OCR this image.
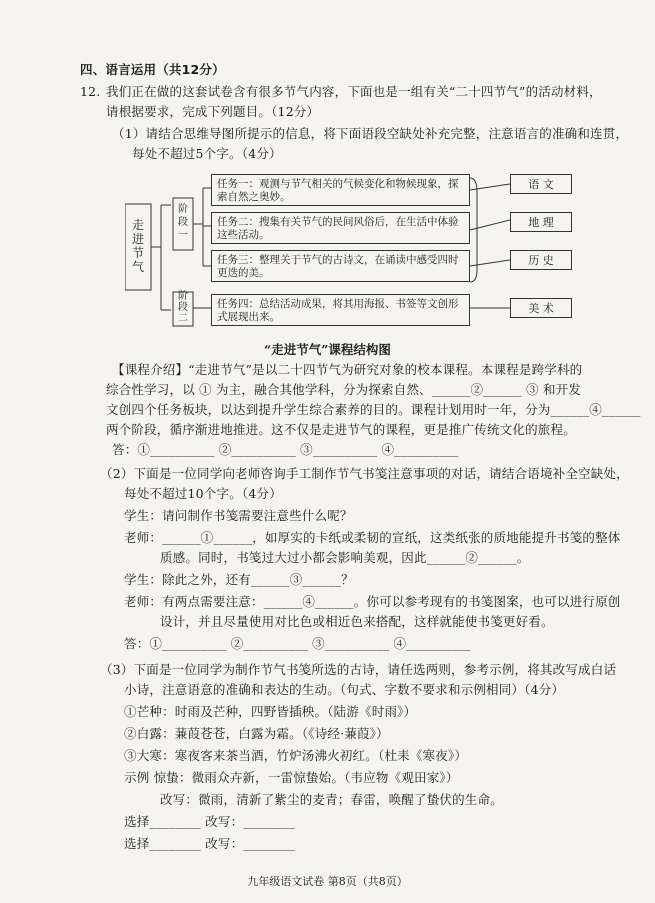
四、语言运用（共12分）
12. 我们正在做的这套试卷含有很多节气内容，下面也是一组有关“二十四节气”的活动材料，
请根据要求，完成下列题目。（12分）
（1）请结合思维导图所提示的信息，将下面语段空缺处补充完整，注意语言的准确和连贯，
每处不超过5个字。（4分）
走进节气
阶段一
阶段二
任务一：观测与节气相关的气候变化和物候现象，探索自然之奥妙。
任务二：搜集有关节气的民间风俗后，在生活中体验这些活动。
任务三：整理关于节气的古诗文，在诵读中感受四时更迭的美。
任务四：总结活动成果，将其用海报、书签等文创形式展现出来。
语 文
地 理
历 史
美 术
“走进节气”课程结构图
【课程介绍】“走进节气”是以二十四节气为研究对象的校本课程。本课程是跨学科的
综合性学习，以 ① 为主，融合其他学科，分为探索自然、______②______ ③ 和开发
文创四个任务板块，以达到提升学生综合素养的目的。课程计划用时一年，分为______④______
两个阶段，循序渐进地推进。这不仅是走进节气的课程，更是推广传统文化的旅程。
答：①__________ ②__________ ③__________ ④__________
（2）下面是一位同学向老师咨询手工制作节气书笺注意事项的对话，请结合语境补全空缺处，
每处不超过10个字。（4分）
学生：请问制作书笺需要注意些什么呢？
老师：______①______，如厚实的卡纸或柔韧的宣纸，这类纸张的质地能提升书笺的整体
质感。同时，书笺过大过小都会影响美观，因此______②______。
学生：除此之外，还有______③______？
老师：有两点需要注意：______④______。你可以参考现有的书笺图案，也可以进行原创
设计，并且尽量使用对比色或相近色来搭配，这样就能使书笺更好看。
答：①__________ ②__________ ③__________ ④__________
（3）下面是一位同学为制作节气书笺所选的古诗，请任选两则，参考示例，将其改写成白话
小诗，注意语意的准确和表达的生动。（句式、字数不要求和示例相同）（4分）
①芒种：时雨及芒种，四野皆插秧。（陆游《时雨》）
②白露：蒹葭苍苍，白露为霜。（《诗经·蒹葭》）
③大寒：寒夜客来茶当酒，竹炉汤沸火初红。（杜耒《寒夜》）
示例 惊蛰：微雨众卉新，一雷惊蛰始。（韦应物《观田家》）
改写：微雨，清新了紫尘的麦青；春雷，唤醒了蛰伏的生命。
选择________ 改写：________
选择________ 改写：________
九年级语文试卷 第8页（共8页）
